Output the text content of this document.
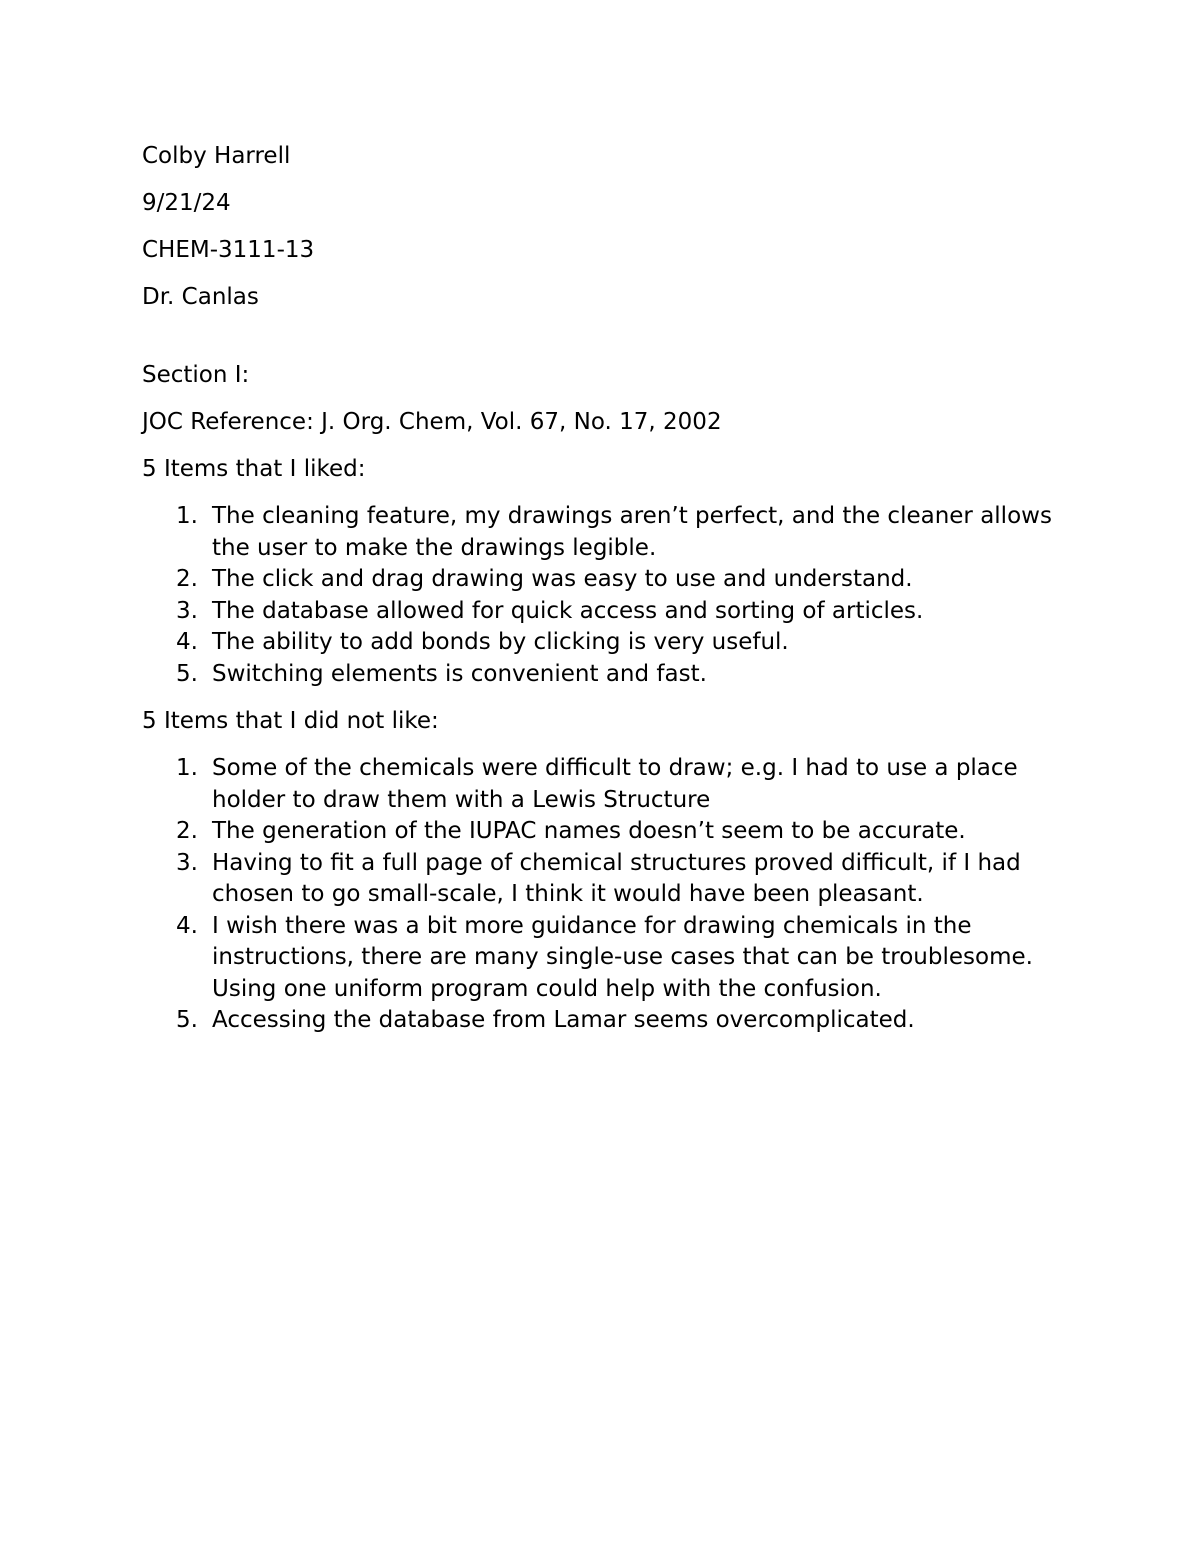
Colby Harrell

9/21/24

CHEM-3111-13

Dr. Canlas

Section I:

JOC Reference: J. Org. Chem, Vol. 67, No. 17, 2002

5 Items that I liked:

1. The cleaning feature, my drawings aren’t perfect, and the cleaner allows the user to make the drawings legible.
2. The click and drag drawing was easy to use and understand.
3. The database allowed for quick access and sorting of articles.
4. The ability to add bonds by clicking is very useful.
5. Switching elements is convenient and fast.

5 Items that I did not like:

1. Some of the chemicals were difficult to draw; e.g. I had to use a place holder to draw them with a Lewis Structure
2. The generation of the IUPAC names doesn’t seem to be accurate.
3. Having to fit a full page of chemical structures proved difficult, if I had chosen to go small-scale, I think it would have been pleasant.
4. I wish there was a bit more guidance for drawing chemicals in the instructions, there are many single-use cases that can be troublesome. Using one uniform program could help with the confusion.
5. Accessing the database from Lamar seems overcomplicated.
